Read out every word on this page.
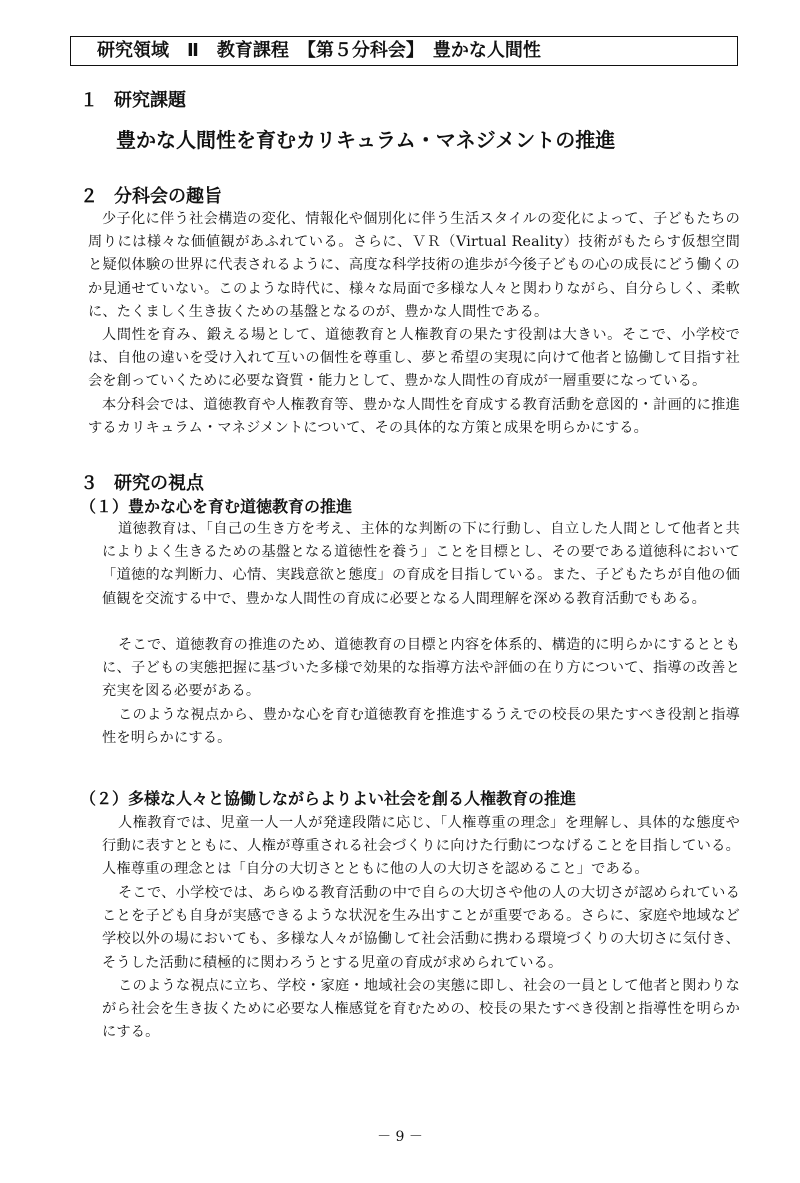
研究領域　Ⅱ　教育課程　【第５分科会】　豊かな人間性
１ 研究課題
豊かな人間性を育むカリキュラム・マネジメントの推進
２ 分科会の趣旨

少子化に伴う社会構造の変化、情報化や個別化に伴う生活スタイルの変化によって、子どもたちの周りには様々な価値観があふれている。さらに、ＶＲ（Virtual Reality）技術がもたらす仮想空間と疑似体験の世界に代表されるように、高度な科学技術の進歩が今後子どもの心の成長にどう働くのか見通せていない。このような時代に、様々な局面で多様な人々と関わりながら、自分らしく、柔軟に、たくましく生き抜くための基盤となるのが、豊かな人間性である。

人間性を育み、鍛える場として、道徳教育と人権教育の果たす役割は大きい。そこで、小学校では、自他の違いを受け入れて互いの個性を尊重し、夢と希望の実現に向けて他者と協働して目指す社会を創っていくために必要な資質・能力として、豊かな人間性の育成が一層重要になっている。

本分科会では、道徳教育や人権教育等、豊かな人間性を育成する教育活動を意図的・計画的に推進するカリキュラム・マネジメントについて、その具体的な方策と成果を明らかにする。

３ 研究の視点
（１）豊かな心を育む道徳教育の推進

道徳教育は、「自己の生き方を考え、主体的な判断の下に行動し、自立した人間として他者と共によりよく生きるための基盤となる道徳性を養う」ことを目標とし、その要である道徳科において「道徳的な判断力、心情、実践意欲と態度」の育成を目指している。また、子どもたちが自他の価値観を交流する中で、豊かな人間性の育成に必要となる人間理解を深める教育活動でもある。

そこで、道徳教育の推進のため、道徳教育の目標と内容を体系的、構造的に明らかにするとともに、子どもの実態把握に基づいた多様で効果的な指導方法や評価の在り方について、指導の改善と充実を図る必要がある。

このような視点から、豊かな心を育む道徳教育を推進するうえでの校長の果たすべき役割と指導性を明らかにする。

（２）多様な人々と協働しながらよりよい社会を創る人権教育の推進

人権教育では、児童一人一人が発達段階に応じ、「人権尊重の理念」を理解し、具体的な態度や行動に表すとともに、人権が尊重される社会づくりに向けた行動につなげることを目指している。人権尊重の理念とは「自分の大切さとともに他の人の大切さを認めること」である。

そこで、小学校では、あらゆる教育活動の中で自らの大切さや他の人の大切さが認められていることを子ども自身が実感できるような状況を生み出すことが重要である。さらに、家庭や地域など学校以外の場においても、多様な人々が協働して社会活動に携わる環境づくりの大切さに気付き、そうした活動に積極的に関わろうとする児童の育成が求められている。

このような視点に立ち、学校・家庭・地域社会の実態に即し、社会の一員として他者と関わりながら社会を生き抜くために必要な人権感覚を育むための、校長の果たすべき役割と指導性を明らかにする。

－ 9 －
